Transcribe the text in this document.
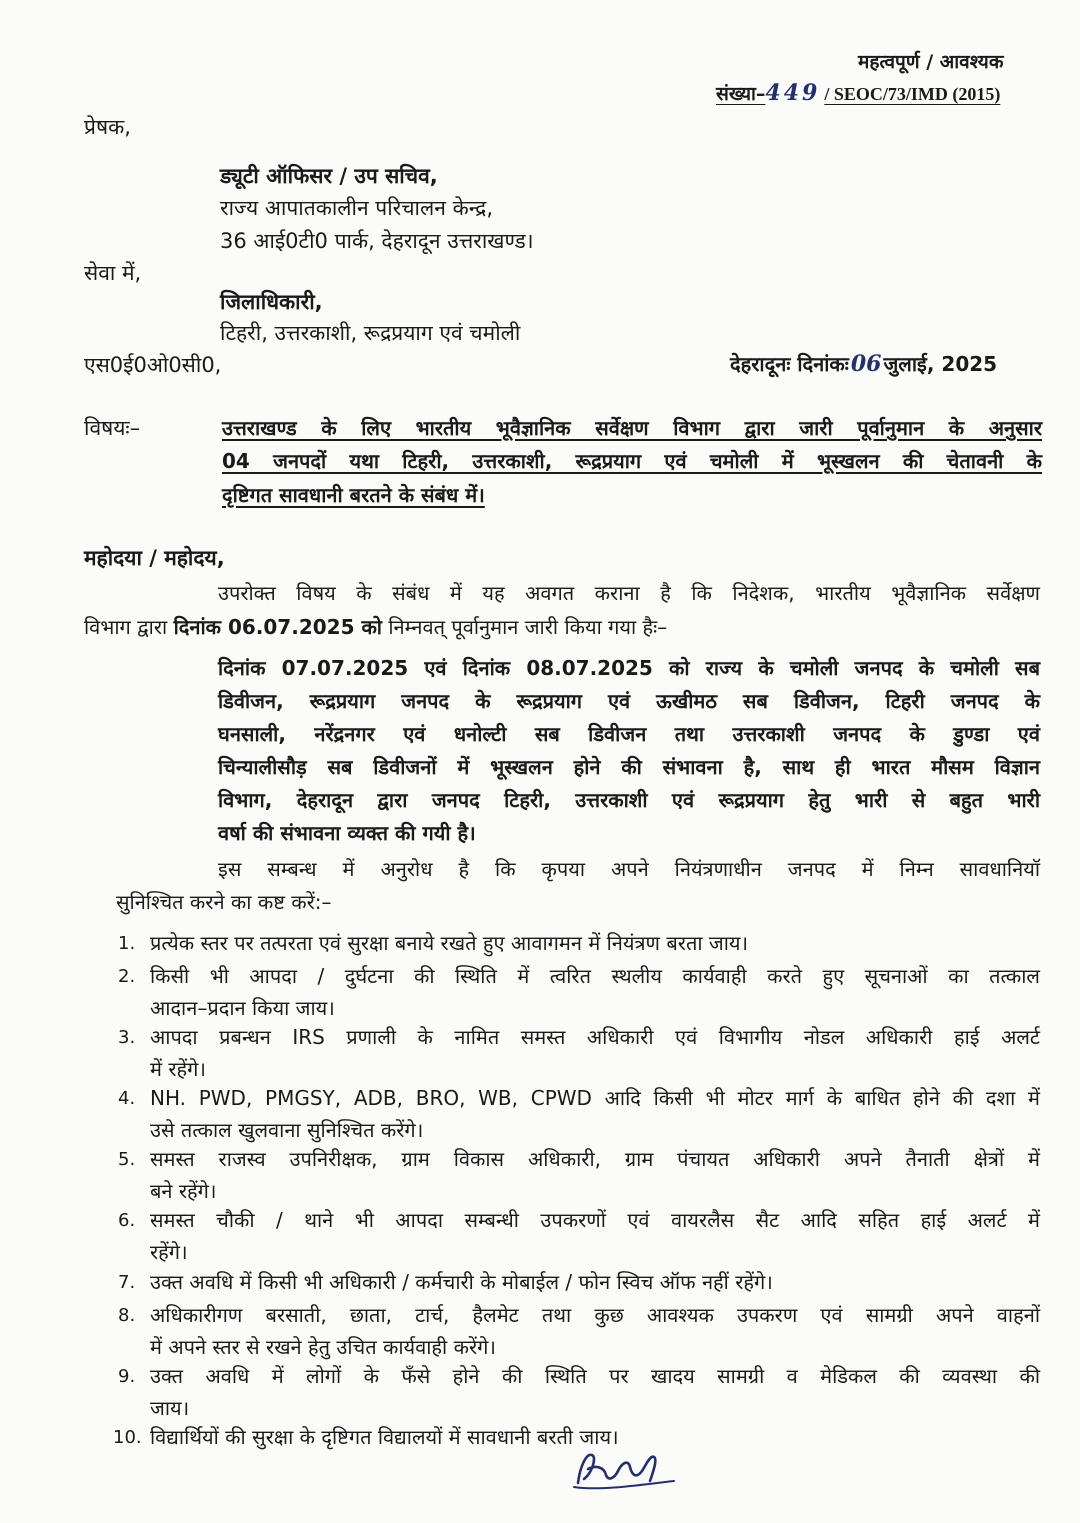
महत्वपूर्ण / आवश्यक
संख्या–449 / SEOC/73/IMD (2015)
प्रेषक,
ड्यूटी ऑफिसर / उप सचिव,
राज्य आपातकालीन परिचालन केन्द्र,
36 आई0टी0 पार्क, देहरादून उत्तराखण्ड।
सेवा में,
जिलाधिकारी,
टिहरी, उत्तरकाशी, रूद्रप्रयाग एवं चमोली
एस0ई0ओ0सी0,	देहरादूनः दिनांकः06 जुलाई, 2025
विषयः–	उत्तराखण्ड के लिए भारतीय भूवैज्ञानिक सर्वेक्षण विभाग द्वारा जारी पूर्वानुमान के अनुसार
04 जनपदों यथा टिहरी, उत्तरकाशी, रूद्रप्रयाग एवं चमोली में भूस्खलन की चेतावनी के
दृष्टिगत सावधानी बरतने के संबंध में।
महोदया / महोदय,
उपरोक्त विषय के संबंध में यह अवगत कराना है कि निदेशक, भारतीय भूवैज्ञानिक सर्वेक्षण
विभाग द्वारा दिनांक 06.07.2025 को निम्नवत् पूर्वानुमान जारी किया गया हैः–
दिनांक 07.07.2025 एवं दिनांक 08.07.2025 को राज्य के चमोली जनपद के चमोली सब
डिवीजन, रूद्रप्रयाग जनपद के रूद्रप्रयाग एवं ऊखीमठ सब डिवीजन, टिहरी जनपद के
घनसाली, नरेंद्रनगर एवं धनोल्टी सब डिवीजन तथा उत्तरकाशी जनपद के डुण्डा एवं
चिन्यालीसौड़ सब डिवीजनों में भूस्खलन होने की संभावना है, साथ ही भारत मौसम विज्ञान
विभाग, देहरादून द्वारा जनपद टिहरी, उत्तरकाशी एवं रूद्रप्रयाग हेतु भारी से बहुत भारी
वर्षा की संभावना व्यक्त की गयी है।
इस सम्बन्ध में अनुरोध है कि कृपया अपने नियंत्रणाधीन जनपद में निम्न सावधानियॉ
सुनिश्चित करने का कष्ट करें:–
1. प्रत्येक स्तर पर तत्परता एवं सुरक्षा बनाये रखते हुए आवागमन में नियंत्रण बरता जाय।
2. किसी भी आपदा / दुर्घटना की स्थिति में त्वरित स्थलीय कार्यवाही करते हुए सूचनाओं का तत्काल
आदान–प्रदान किया जाय।
3. आपदा प्रबन्धन IRS प्रणाली के नामित समस्त अधिकारी एवं विभागीय नोडल अधिकारी हाई अलर्ट
में रहेंगे।
4. NH. PWD, PMGSY, ADB, BRO, WB, CPWD आदि किसी भी मोटर मार्ग के बाधित होने की दशा में
उसे तत्काल खुलवाना सुनिश्चित करेंगे।
5. समस्त राजस्व उपनिरीक्षक, ग्राम विकास अधिकारी, ग्राम पंचायत अधिकारी अपने तैनाती क्षेत्रों में
बने रहेंगे।
6. समस्त चौकी / थाने भी आपदा सम्बन्धी उपकरणों एवं वायरलैस सैट आदि सहित हाई अलर्ट में
रहेंगे।
7. उक्त अवधि में किसी भी अधिकारी / कर्मचारी के मोबाईल / फोन स्विच ऑफ नहीं रहेंगे।
8. अधिकारीगण बरसाती, छाता, टार्च, हैलमेट तथा कुछ आवश्यक उपकरण एवं सामग्री अपने वाहनों
में अपने स्तर से रखने हेतु उचित कार्यवाही करेंगे।
9. उक्त अवधि में लोगों के फँसे होने की स्थिति पर खादय सामग्री व मेडिकल की व्यवस्था की
जाय।
10. विद्यार्थियों की सुरक्षा के दृष्टिगत विद्यालयों में सावधानी बरती जाय।
